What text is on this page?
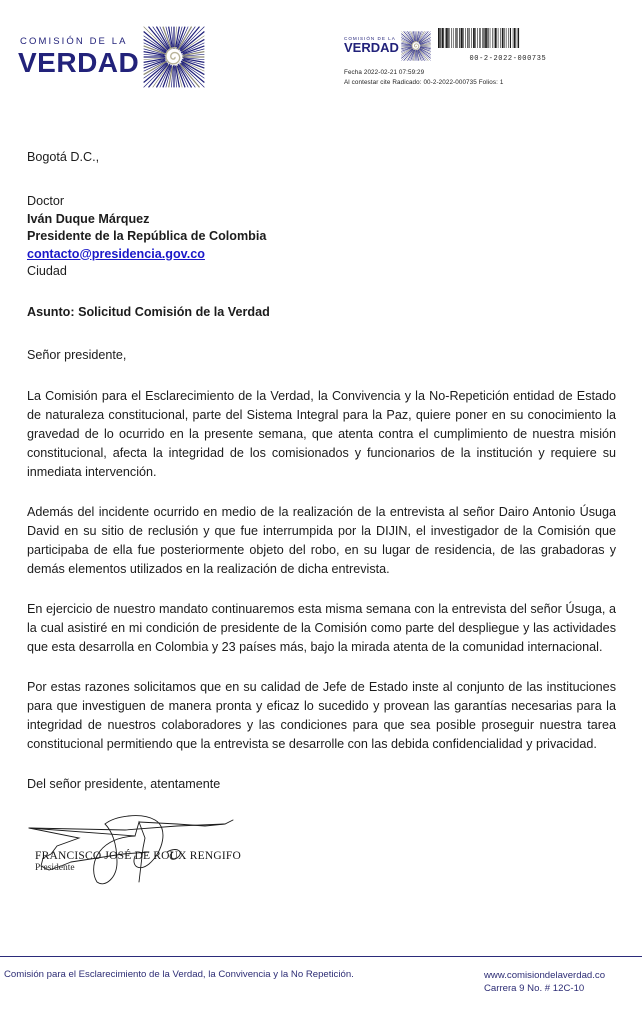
COMISIÓN DE LA
VERDAD
COMISIÓN DE LA
VERDAD
00-2-2022-000735
Fecha 2022-02-21 07:59:29
Al contestar cite Radicado: 00-2-2022-000735 Folios: 1
Bogotá D.C.,
Doctor
Iván Duque Márquez
Presidente de la República de Colombia
contacto@presidencia.gov.co
Ciudad
Asunto: Solicitud Comisión de la Verdad
Señor presidente,

La Comisión para el Esclarecimiento de la Verdad, la Convivencia y la No-Repetición entidad de Estado de naturaleza constitucional, parte del Sistema Integral para la Paz, quiere poner en su conocimiento la gravedad de lo ocurrido en la presente semana, que atenta contra el cumplimiento de nuestra misión constitucional, afecta la integridad de los comisionados y funcionarios de la institución y requiere su inmediata intervención.

Además del incidente ocurrido en medio de la realización de la entrevista al señor Dairo Antonio Úsuga David en su sitio de reclusión y que fue interrumpida por la DIJIN, el investigador de la Comisión que participaba de ella fue posteriormente objeto del robo, en su lugar de residencia, de las grabadoras y demás elementos utilizados en la realización de dicha entrevista.

En ejercicio de nuestro mandato continuaremos esta misma semana con la entrevista del señor Úsuga, a la cual asistiré en mi condición de presidente de la Comisión como parte del despliegue y las actividades que esta desarrolla en Colombia y 23 países más, bajo la mirada atenta de la comunidad internacional.

Por estas razones solicitamos que en su calidad de Jefe de Estado inste al conjunto de las instituciones para que investiguen de manera pronta y eficaz lo sucedido y provean las garantías necesarias para la integridad de nuestros colaboradores y las condiciones para que sea posible proseguir nuestra tarea constitucional permitiendo que la entrevista se desarrolle con las debida confidencialidad y privacidad.

Del señor presidente, atentamente
FRANCISCO JOSÉ DE ROUX RENGIFO
Presidente
Comisión para el Esclarecimiento de la Verdad, la Convivencia y la No Repetición.	www.comisiondelaverdad.co
Carrera 9 No. # 12C-10
